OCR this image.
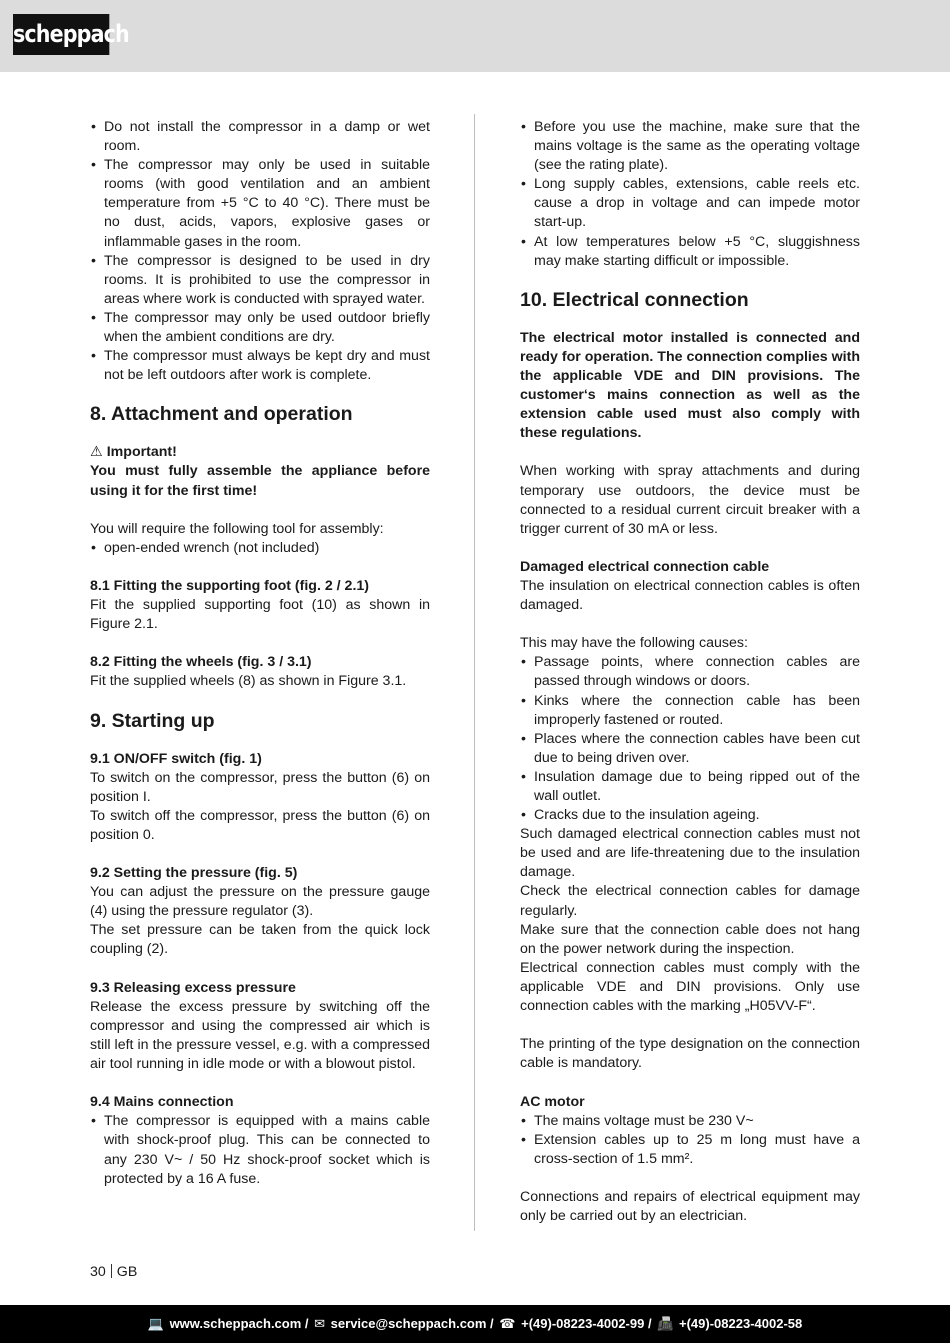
scheppach
• Do not install the compressor in a damp or wet room.
• The compressor may only be used in suitable rooms (with good ventilation and an ambient temperature from +5 °C to 40 °C). There must be no dust, acids, vapors, explosive gases or inflammable gases in the room.
• The compressor is designed to be used in dry rooms. It is prohibited to use the compressor in areas where work is conducted with sprayed water.
• The compressor may only be used outdoor briefly when the ambient conditions are dry.
• The compressor must always be kept dry and must not be left outdoors after work is complete.
8. Attachment and operation

⚠ Important!

You must fully assemble the appliance before using it for the first time!

You will require the following tool for assembly:

• open-ended wrench (not included)
8.1 Fitting the supporting foot (fig. 2 / 2.1)

Fit the supplied supporting foot (10) as shown in Figure 2.1.

8.2 Fitting the wheels (fig. 3 / 3.1)

Fit the supplied wheels (8) as shown in Figure 3.1.

9. Starting up
9.1 ON/OFF switch (fig. 1)

To switch on the compressor, press the button (6) on position I.

To switch off the compressor, press the button (6) on position 0.

9.2 Setting the pressure (fig. 5)

You can adjust the pressure on the pressure gauge (4) using the pressure regulator (3).

The set pressure can be taken from the quick lock coupling (2).

9.3 Releasing excess pressure

Release the excess pressure by switching off the compressor and using the compressed air which is still left in the pressure vessel, e.g. with a compressed air tool running in idle mode or with a blowout pistol.

9.4 Mains connection
• The compressor is equipped with a mains cable with shock-proof plug. This can be connected to any 230 V~ / 50 Hz shock-proof socket which is protected by a 16 A fuse.
• Before you use the machine, make sure that the mains voltage is the same as the operating voltage (see the rating plate).
• Long supply cables, extensions, cable reels etc. cause a drop in voltage and can impede motor start-up.
• At low temperatures below +5 °C, sluggishness may make starting difficult or impossible.
10. Electrical connection

The electrical motor installed is connected and ready for operation. The connection complies with the applicable VDE and DIN provisions. The customer‘s mains connection as well as the extension cable used must also comply with these regulations.

When working with spray attachments and during temporary use outdoors, the device must be connected to a residual current circuit breaker with a trigger current of 30 mA or less.

Damaged electrical connection cable

The insulation on electrical connection cables is often damaged.

This may have the following causes:

• Passage points, where connection cables are passed through windows or doors.
• Kinks where the connection cable has been improperly fastened or routed.
• Places where the connection cables have been cut due to being driven over.
• Insulation damage due to being ripped out of the wall outlet.
• Cracks due to the insulation ageing.

Such damaged electrical connection cables must not be used and are life-threatening due to the insulation damage.

Check the electrical connection cables for damage regularly.

Make sure that the connection cable does not hang on the power network during the inspection.

Electrical connection cables must comply with the applicable VDE and DIN provisions. Only use connection cables with the marking „H05VV-F“.

The printing of the type designation on the connection cable is mandatory.

AC motor
• The mains voltage must be 230 V~
• Extension cables up to 25 m long must have a cross-section of 1.5 mm².

Connections and repairs of electrical equipment may only be carried out by an electrician.

30 GB
💻 www.scheppach.com / ✉ service@scheppach.com / ☎ +(49)-08223-4002-99 / 📠 +(49)-08223-4002-58
